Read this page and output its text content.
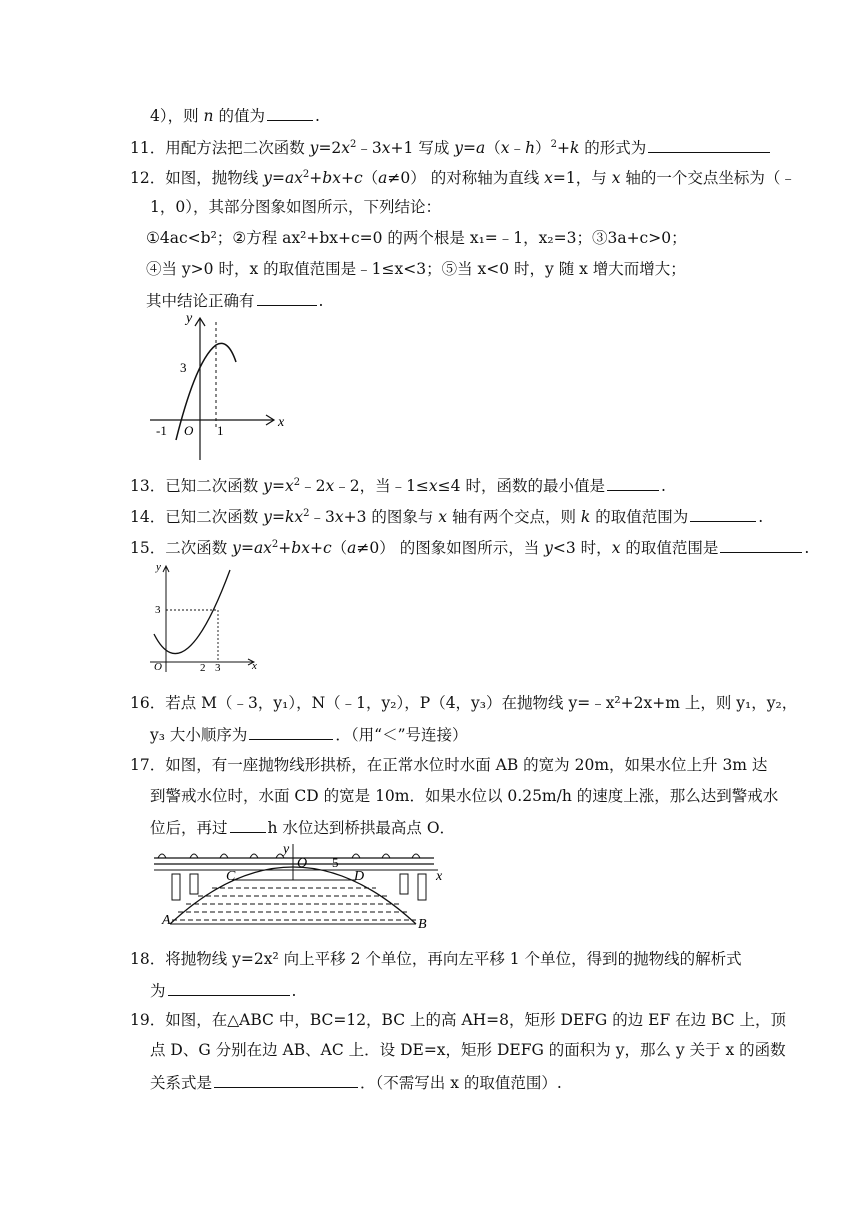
4），则 n 的值为	.
11．用配方法把二次函数 $y=2x^2﹣3x+1$ 写成 y=a（x﹣h）$^2$+k 的形式为
12．如图，抛物线 $y=ax^2+bx+c(a\ne 0)$ 的对称轴为直线 x=1，与 x 轴的一个交点坐标为（﹣
1，0），其部分图象如图所示，下列结论：
①4ac<b²；②方程 ax²+bx+c=0 的两个根是 x₁=﹣1，x₂=3；③3a+c>0；
④当 y>0 时，x 的取值范围是﹣1≤x<3；⑤当 x<0 时，y 随 x 增大而增大；
其中结论正确有	.
y
x
3
-1 O 1
13．已知二次函数 $y=x^2﹣2x﹣2$，当﹣1≤x≤4 时，函数的最小值是	.
14．已知二次函数 $y=kx^2﹣3x+3$ 的图象与 x 轴有两个交点，则 k 的取值范围为	.
15．二次函数 $y=ax^2+bx+c(a\ne 0)$ 的图象如图所示，当 y<3 时，x 的取值范围是	.
y
x
3
O	2 3
16．若点 M（﹣3，y₁），N（﹣1，y₂），P（4，y₃）在抛物线 y=﹣x²+2x+m 上，则 y₁，y₂，
y₃ 大小顺序为	．（用“＜”号连接）
17．如图，有一座抛物线形拱桥，在正常水位时水面 AB 的宽为 20m，如果水位上升 3m 达
到警戒水位时，水面 CD 的宽是 10m．如果水位以 0.25m/h 的速度上涨，那么达到警戒水
位后，再过	h 水位达到桥拱最高点 O．
y
O 5
C	D	x
A	B
18．将抛物线 y=2x² 向上平移 2 个单位，再向左平移 1 个单位，得到的抛物线的解析式
为	.
19．如图，在△ABC 中，BC=12，BC 上的高 AH=8，矩形 DEFG 的边 EF 在边 BC 上，顶
点 D、G 分别在边 AB、AC 上．设 DE=x，矩形 DEFG 的面积为 y，那么 y 关于 x 的函数
关系式是	．（不需写出 x 的取值范围）.
